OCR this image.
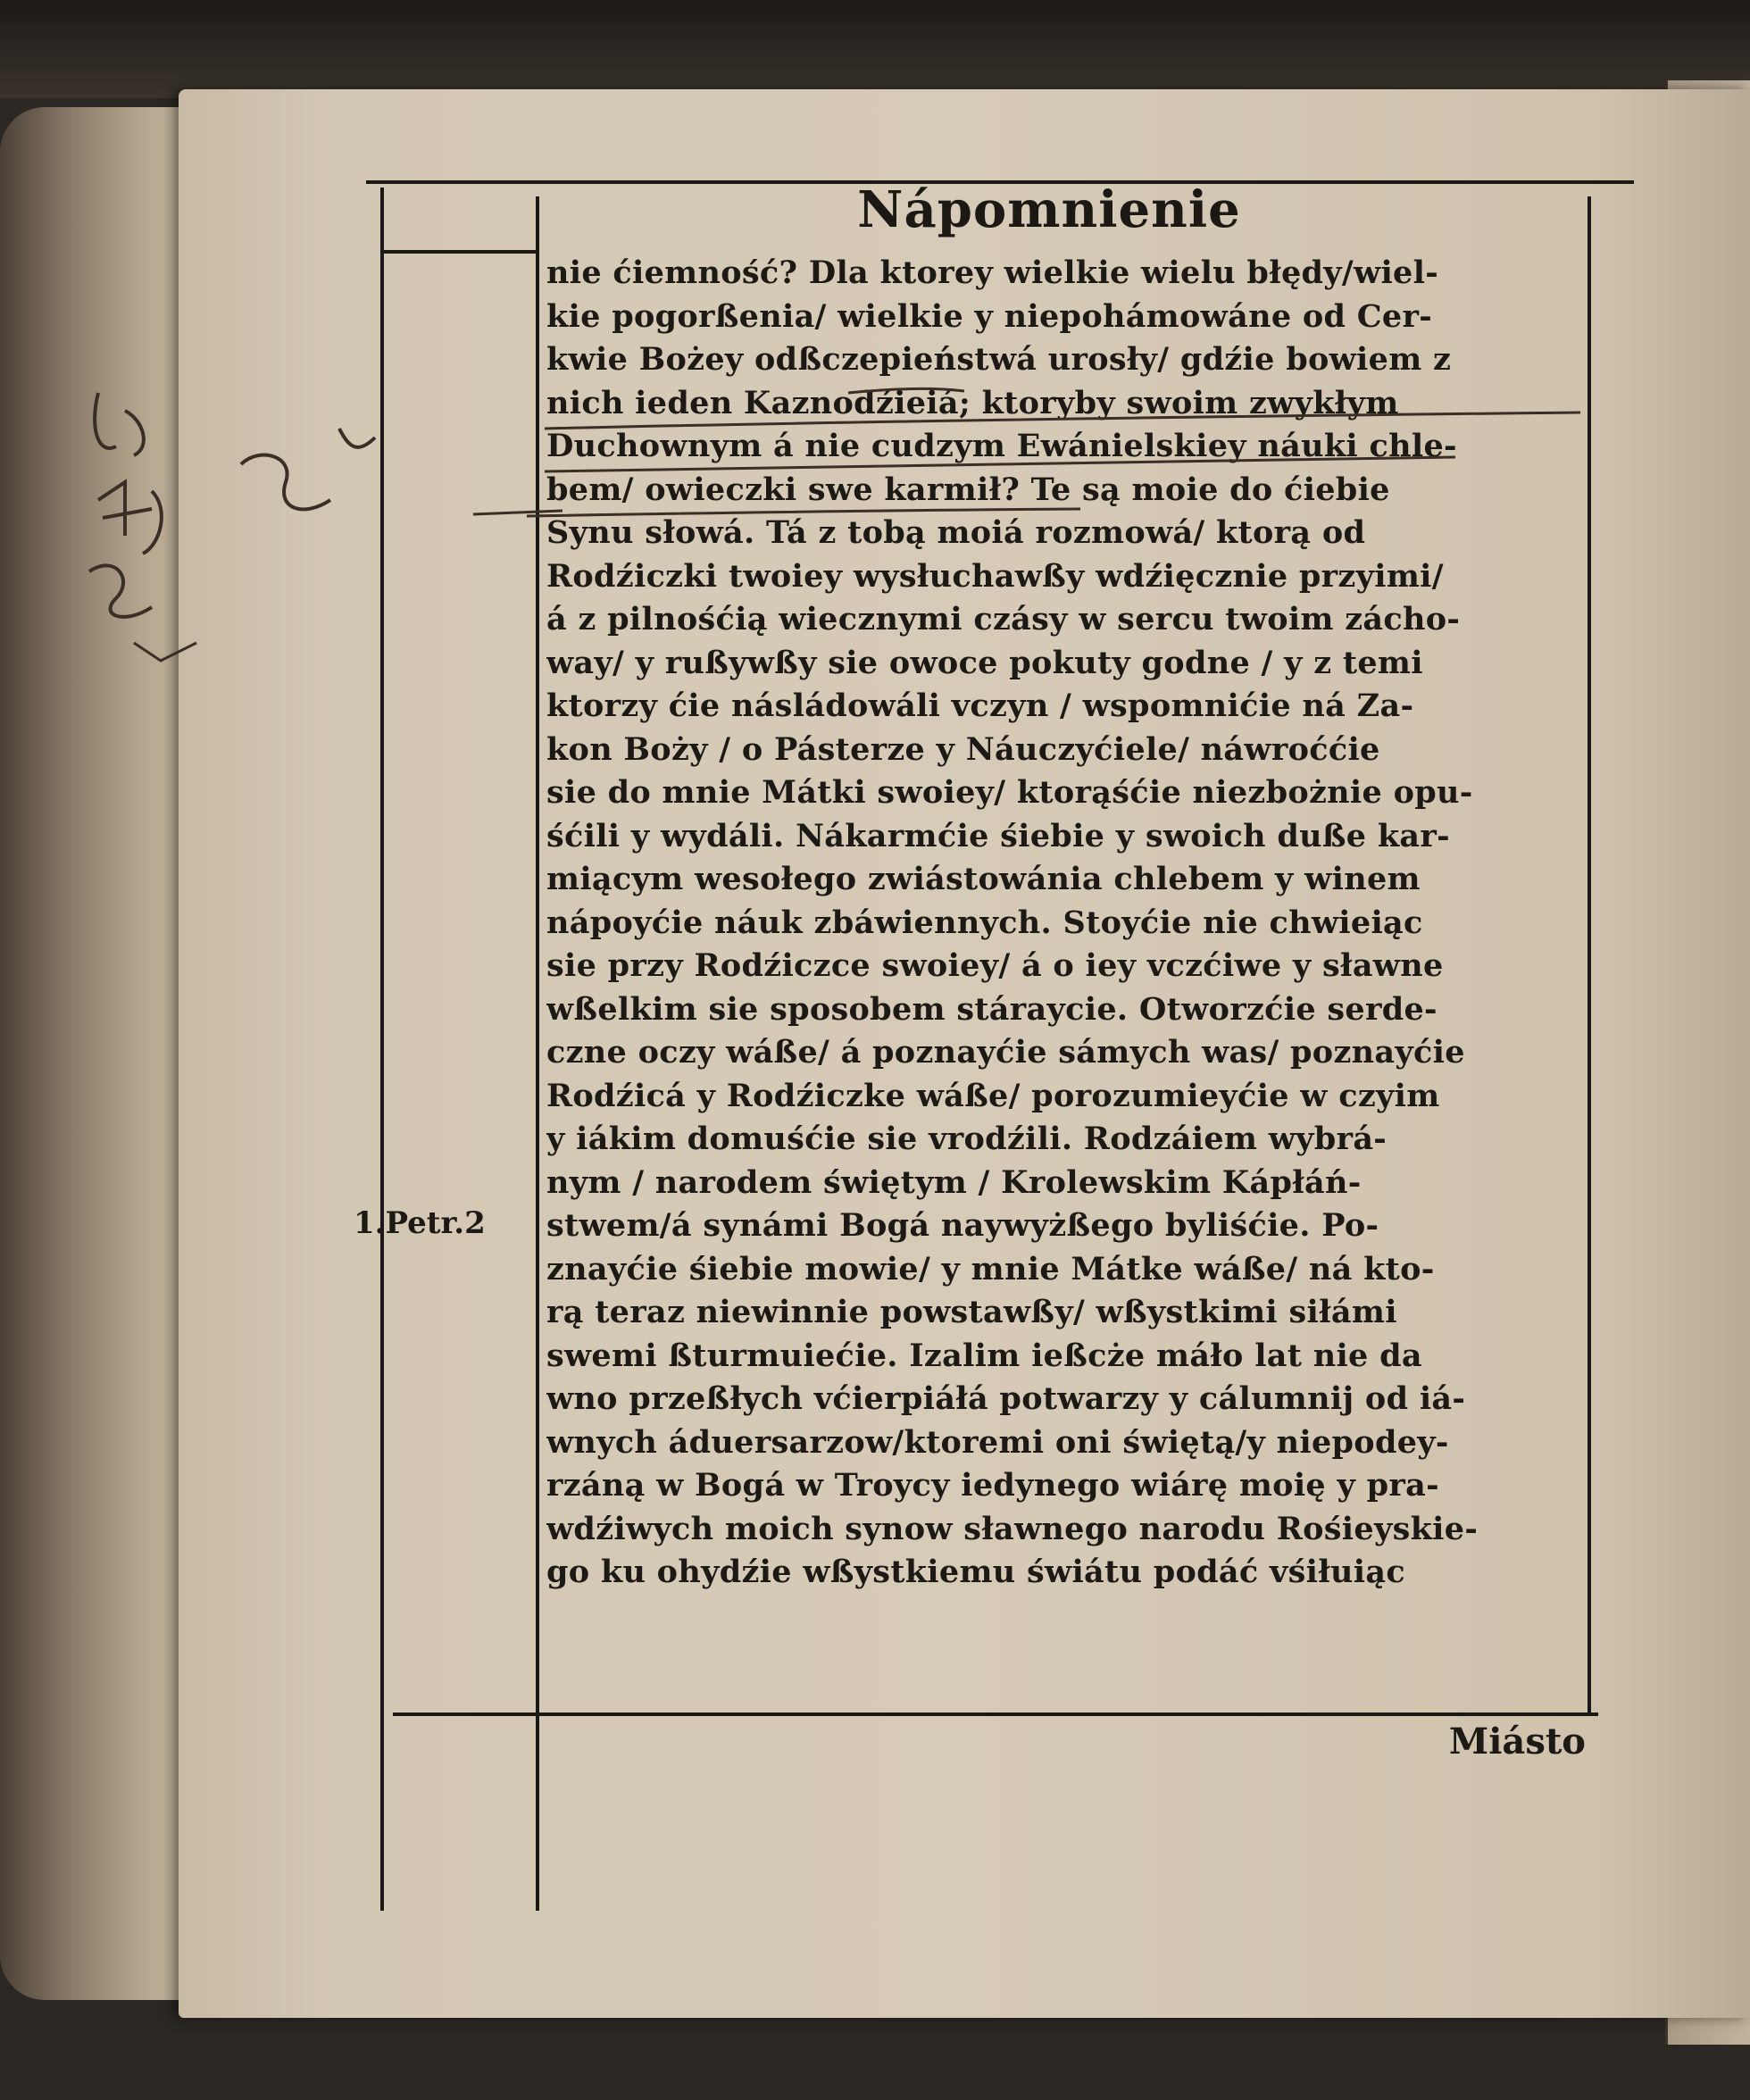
Nápomnienie
nie ćiemność? Dla ktorey wielkie wielu błędy/wiel-
kie pogorßenia/ wielkie y niepohámowáne od Cer-
kwie Bożey odßczepieństwá urosły/ gdźie bowiem z
nich ieden Kaznodźieiá; ktoryby swoim zwykłym
Duchownym á nie cudzym Ewánielskiey náuki chle-
bem/ owieczki swe karmił? Te są moie do ćiebie
Synu słowá. Tá z tobą moiá rozmowá/ ktorą od
Rodźiczki twoiey wysłuchawßy wdźięcznie przyimi/
á z pilnośćią wiecznymi czásy w sercu twoim zácho-
way/ y rußywßy sie owoce pokuty godne / y z temi
ktorzy ćie násládowáli vczyn / wspomnićie ná Za-
kon Boży / o Pásterze y Náuczyćiele/ náwroććie
sie do mnie Mátki swoiey/ ktorąśćie niezbożnie opu-
śćili y wydáli. Nákarmćie śiebie y swoich duße kar-
miącym wesołego zwiástowánia chlebem y winem
nápoyćie náuk zbáwiennych. Stoyćie nie chwieiąc
sie przy Rodźiczce swoiey/ á o iey vczćiwe y sławne
wßelkim sie sposobem stáraycie. Otworzćie serde-
czne oczy wáße/ á poznayćie sámych was/ poznayćie
Rodźicá y Rodźiczke wáße/ porozumieyćie w czyim
y iákim domuśćie sie vrodźili. Rodzáiem wybrá-
nym / narodem świętym / Krolewskim Kápłáń-
stwem/á synámi Bogá naywyżßego byliśćie. Po-
znayćie śiebie mowie/ y mnie Mátke wáße/ ná kto-
rą teraz niewinnie powstawßy/ wßystkimi siłámi
swemi ßturmuiećie. Izalim ießcże máło lat nie da
wno przeßłych vćierpiáłá potwarzy y cálumnij od iá-
wnych áduersarzow/ktoremi oni świętą/y niepodey-
rzáną w Bogá w Troycy iedynego wiárę moię y pra-
wdźiwych moich synow sławnego narodu Rośieyskie-
go ku ohydźie wßystkiemu świátu podáć vśiłuiąc
1.Petr.2
Miásto
